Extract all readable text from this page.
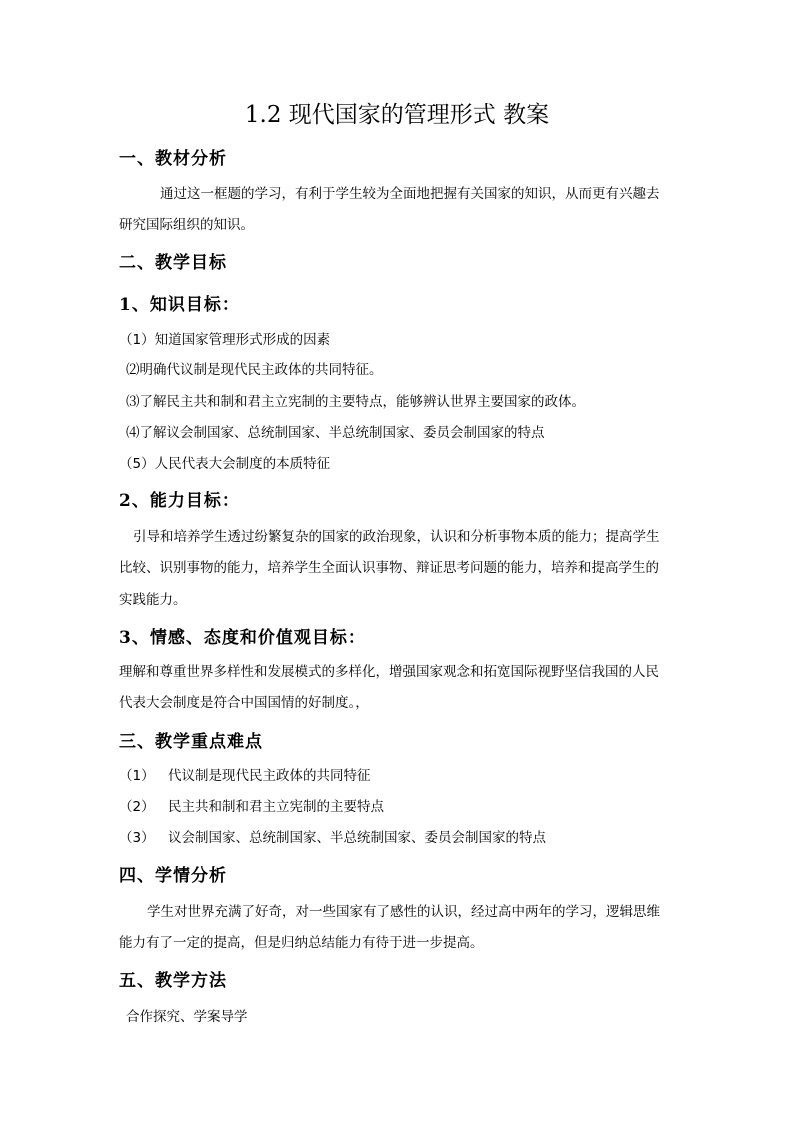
1.2 现代国家的管理形式 教案
一、教材分析
通过这一框题的学习，有利于学生较为全面地把握有关国家的知识，从而更有兴趣去
研究国际组织的知识。
二、教学目标
1、知识目标：
（1）知道国家管理形式形成的因素
⑵明确代议制是现代民主政体的共同特征。
⑶了解民主共和制和君主立宪制的主要特点，能够辨认世界主要国家的政体。
⑷了解议会制国家、总统制国家、半总统制国家、委员会制国家的特点
（5）人民代表大会制度的本质特征
2、能力目标：
引导和培养学生透过纷繁复杂的国家的政治现象，认识和分析事物本质的能力；提高学生
比较、识别事物的能力，培养学生全面认识事物、辩证思考问题的能力，培养和提高学生的
实践能力。
3、情感、态度和价值观目标：
理解和尊重世界多样性和发展模式的多样化，增强国家观念和拓宽国际视野坚信我国的人民
代表大会制度是符合中国国情的好制度。，
三、教学重点难点
（1） 代议制是现代民主政体的共同特征
（2） 民主共和制和君主立宪制的主要特点
（3） 议会制国家、总统制国家、半总统制国家、委员会制国家的特点
四、学情分析
学生对世界充满了好奇，对一些国家有了感性的认识，经过高中两年的学习，逻辑思维
能力有了一定的提高，但是归纳总结能力有待于进一步提高。
五、教学方法
合作探究、学案导学
